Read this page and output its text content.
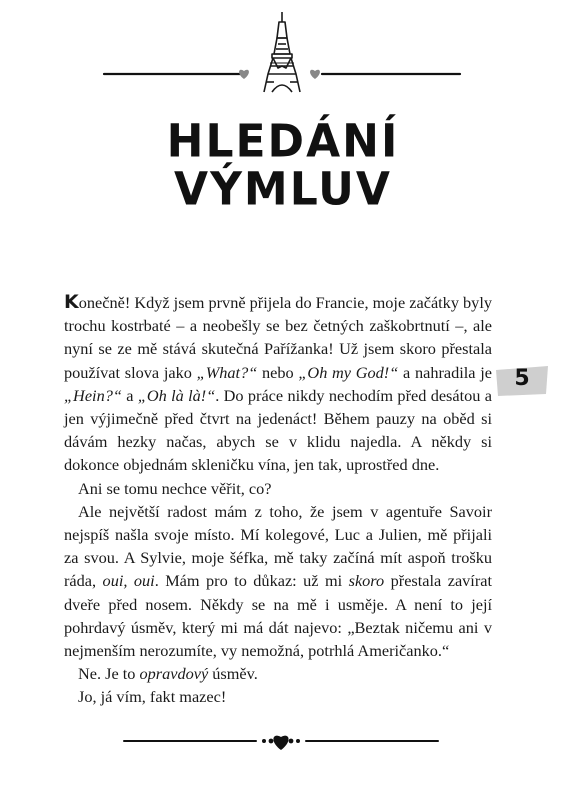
HLEDÁNÍ
VÝMLUV
5

Konečně! Když jsem prvně přijela do Francie, moje začátky byly trochu kostrbaté – a neobešly se bez četných zaškobrtnutí –, ale nyní se ze mě stává skutečná Pařížanka! Už jsem skoro přestala používat slova jako „What?“ nebo „Oh my God!“ a nahradila je „Hein?“ a „Oh là là!“. Do práce nikdy nechodím před desátou a jen výjimečně před čtvrt na jedenáct! Během pauzy na oběd si dávám hezky načas, abych se v klidu najedla. A někdy si dokonce objednám skleničku vína, jen tak, uprostřed dne.

Ani se tomu nechce věřit, co?

Ale největší radost mám z toho, že jsem v agentuře Savoir nejspíš našla svoje místo. Mí kolegové, Luc a Julien, mě přijali za svou. A Sylvie, moje šéfka, mě taky začíná mít aspoň trošku ráda, oui, oui. Mám pro to důkaz: už mi skoro přestala zavírat dveře před nosem. Někdy se na mě i usměje. A není to její pohrdavý úsměv, který mi má dát najevo: „Beztak ničemu ani v nejmenším nerozumíte, vy nemožná, potrhlá Američanko.“

Ne. Je to opravdový úsměv.

Jo, já vím, fakt mazec!
